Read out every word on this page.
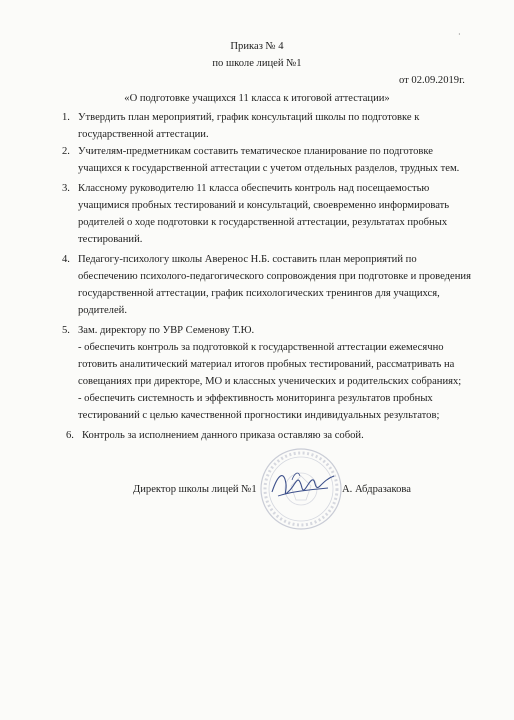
·
Приказ № 4
по школе лицей №1
от 02.09.2019г.
«О подготовке учащихся 11 класса к итоговой аттестации»
1. Утвердить план мероприятий, график консультаций школы по подготовке к
государственной аттестации.
2. Учителям-предметникам составить тематическое планирование по подготовке
учащихся к государственной аттестации с учетом отдельных разделов, трудных тем.
3. Классному руководителю 11 класса обеспечить контроль над посещаемостью
учащимися пробных тестирований и консультаций, своевременно информировать
родителей о ходе подготовки к государственной аттестации, результатах пробных
тестирований.
4. Педагогу-психологу школы Аверенос Н.Б. составить план мероприятий по
обеспечению психолого-педагогического сопровождения при подготовке и проведения
государственной аттестации, график психологических тренингов для учащихся,
родителей.
5. Зам. директору по УВР Семенову Т.Ю.
- обеспечить контроль за подготовкой к государственной аттестации ежемесячно
готовить аналитический материал итогов пробных тестирований, рассматривать на
совещаниях при директоре, МО и классных ученических и родительских собраниях;
- обеспечить системность и эффективность мониторинга результатов пробных
тестирований с целью качественной прогностики индивидуальных результатов;
6. Контроль за исполнением данного приказа оставляю за собой.
Директор школы лицей №1	А. Абдразакова
